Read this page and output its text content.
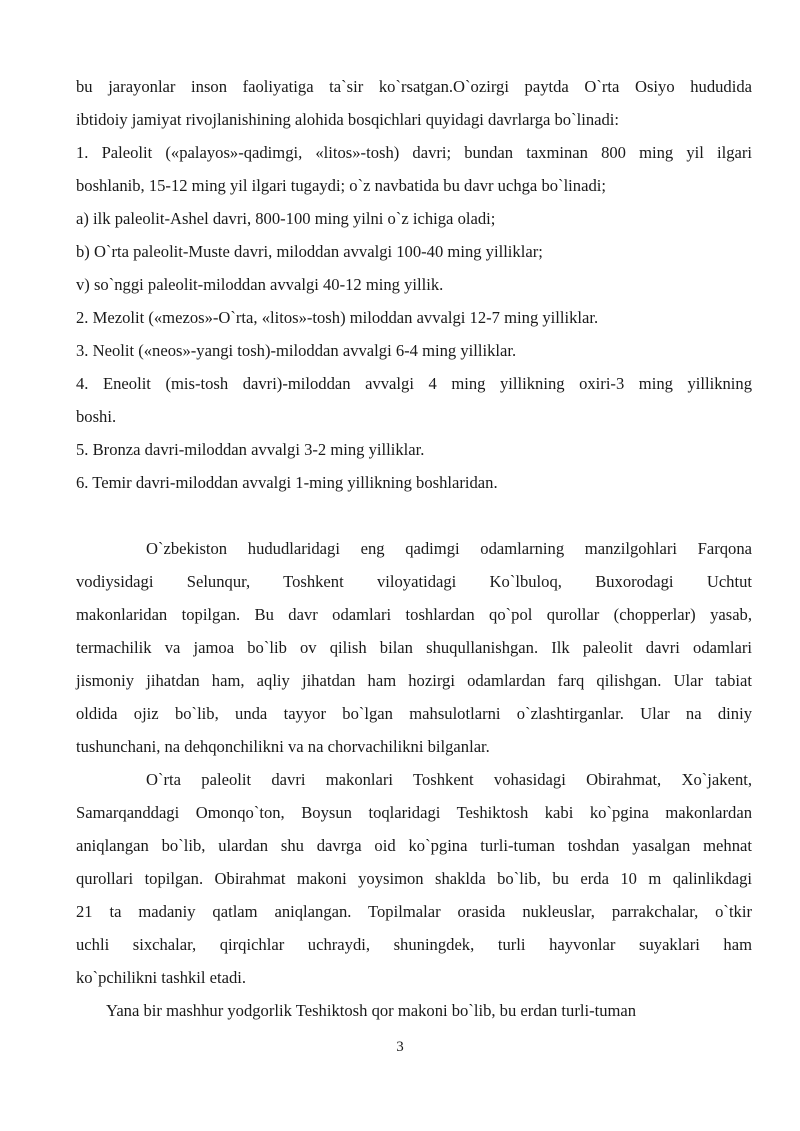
bu jarayonlar inson faoliyatiga ta`sir ko`rsatgan.O`ozirgi paytda O`rta Osiyo hududida
ibtidoiy jamiyat rivojlanishining alohida bosqichlari quyidagi davrlarga bo`linadi:
1. Paleolit («palayos»-qadimgi, «litos»-tosh) davri; bundan taxminan 800 ming yil ilgari
boshlanib, 15-12 ming yil ilgari tugaydi; o`z navbatida bu davr uchga bo`linadi;
a) ilk paleolit-Ashel davri, 800-100 ming yilni o`z ichiga oladi;
b) O`rta paleolit-Muste davri, miloddan avvalgi 100-40 ming yilliklar;
v) so`nggi paleolit-miloddan avvalgi 40-12 ming yillik.
2. Mezolit («mezos»-O`rta, «litos»-tosh) miloddan avvalgi 12-7 ming yilliklar.
3. Neolit («neos»-yangi tosh)-miloddan avvalgi 6-4 ming yilliklar.
4. Eneolit (mis-tosh davri)-miloddan avvalgi 4 ming yillikning oxiri-3 ming yillikning
boshi.
5. Bronza davri-miloddan avvalgi 3-2 ming yilliklar.
6. Temir davri-miloddan avvalgi 1-ming yillikning boshlaridan.
O`zbekiston hududlaridagi eng qadimgi odamlarning manzilgohlari Farqona
vodiysidagi Selunqur, Toshkent viloyatidagi Ko`lbuloq, Buxorodagi Uchtut
makonlaridan topilgan. Bu davr odamlari toshlardan qo`pol qurollar (chopperlar) yasab,
termachilik va jamoa bo`lib ov qilish bilan shuqullanishgan. Ilk paleolit davri odamlari
jismoniy jihatdan ham, aqliy jihatdan ham hozirgi odamlardan farq qilishgan. Ular tabiat
oldida ojiz bo`lib, unda tayyor bo`lgan mahsulotlarni o`zlashtirganlar. Ular na diniy
tushunchani, na dehqonchilikni va na chorvachilikni bilganlar.
O`rta paleolit davri makonlari Toshkent vohasidagi Obirahmat, Xo`jakent,
Samarqanddagi Omonqo`ton, Boysun toqlaridagi Teshiktosh kabi ko`pgina makonlardan
aniqlangan bo`lib, ulardan shu davrga oid ko`pgina turli-tuman toshdan yasalgan mehnat
qurollari topilgan. Obirahmat makoni yoysimon shaklda bo`lib, bu erda 10 m qalinlikdagi
21 ta madaniy qatlam aniqlangan. Topilmalar orasida nukleuslar, parrakchalar, o`tkir
uchli sixchalar, qirqichlar uchraydi, shuningdek, turli hayvonlar suyaklari ham
ko`pchilikni tashkil etadi.
Yana bir mashhur yodgorlik Teshiktosh qor makoni bo`lib, bu erdan turli-tuman
3
